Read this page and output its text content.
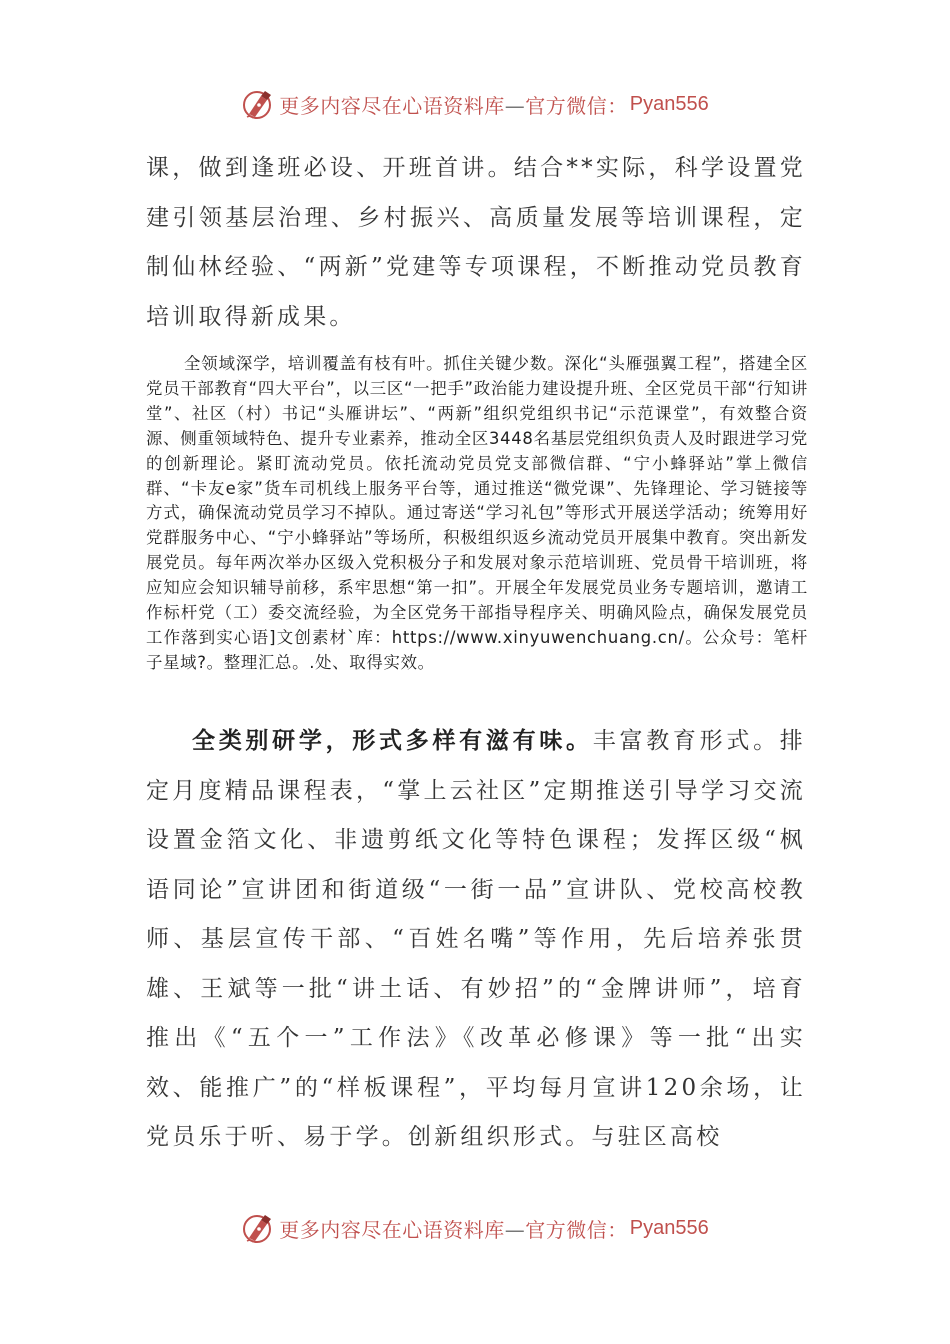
更多内容尽在心语资料库—官方微信： Pyan556

课，做到逢班必设、开班首讲。结合**实际，科学设置党建引领基层治理、乡村振兴、高质量发展等培训课程，定制仙林经验、“两新”党建等专项课程，不断推动党员教育培训取得新成果。

全领域深学，培训覆盖有枝有叶。抓住关键少数。深化“头雁强翼工程”，搭建全区党员干部教育“四大平台”，以三区“一把手”政治能力建设提升班、全区党员干部“行知讲堂”、社区（村）书记“头雁讲坛”、“两新”组织党组织书记“示范课堂”，有效整合资源、侧重领域特色、提升专业素养，推动全区3448名基层党组织负责人及时跟进学习党的创新理论。紧盯流动党员。依托流动党员党支部微信群、“宁小蜂驿站”掌上微信群、“卡友e家”货车司机线上服务平台等，通过推送“微党课”、先锋理论、学习链接等方式，确保流动党员学习不掉队。通过寄送“学习礼包”等形式开展送学活动；统筹用好党群服务中心、“宁小蜂驿站”等场所，积极组织返乡流动党员开展集中教育。突出新发展党员。每年两次举办区级入党积极分子和发展对象示范培训班、党员骨干培训班，将应知应会知识辅导前移，系牢思想“第一扣”。开展全年发展党员业务专题培训，邀请工作标杆党（工）委交流经验，为全区党务干部指导程序关、明确风险点，确保发展党员工作落到实心语]文创素材`库：https://www.xinyuwenchuang.cn/。公众号：笔杆子星域?。整理汇总。.处、取得实效。

全类别研学，形式多样有滋有味。丰富教育形式。排定月度精品课程表，“掌上云社区”定期推送引导学习交流设置金箔文化、非遗剪纸文化等特色课程；发挥区级“枫语同论”宣讲团和街道级“一街一品”宣讲队、党校高校教师、基层宣传干部、“百姓名嘴”等作用，先后培养张贯雄、王斌等一批“讲土话、有妙招”的“金牌讲师”，培育推出《“五个一”工作法》《改革必修课》等一批“出实效、能推广”的“样板课程”，平均每月宣讲120余场，让党员乐于听、易于学。创新组织形式。与驻区高校

更多内容尽在心语资料库—官方微信： Pyan556
